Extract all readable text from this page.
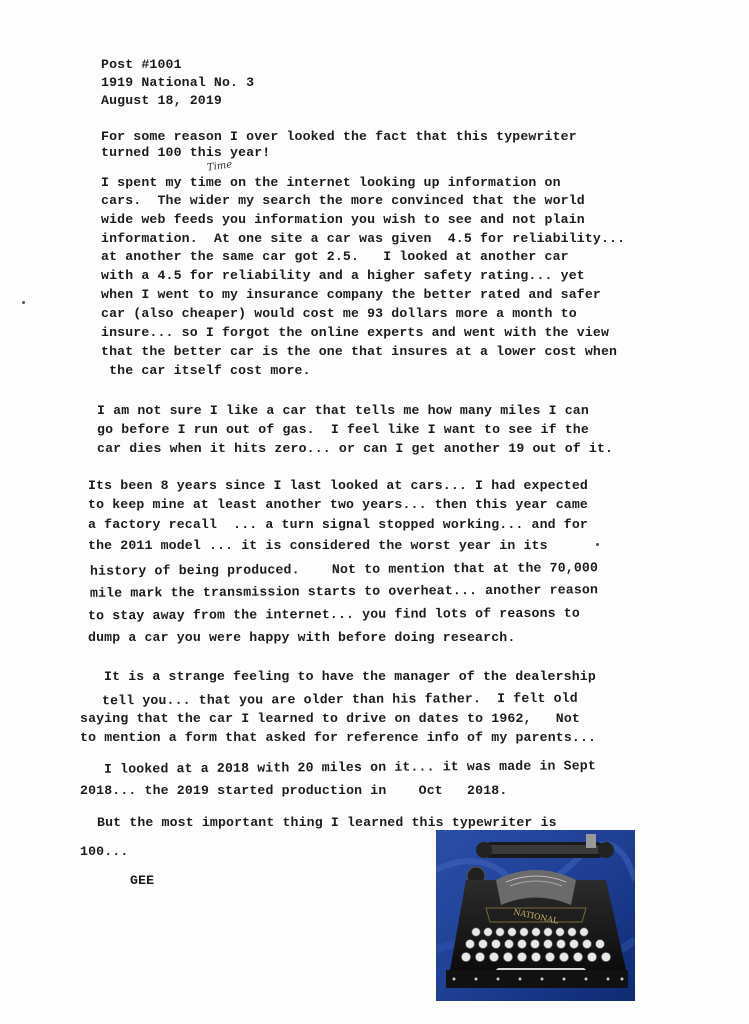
Post #1001
1919 National No. 3
August 18, 2019
For some reason I over looked the fact that this typewriter
turned 100 this year!
Time
I spent my time on the internet looking up information on
cars.  The wider my search the more convinced that the world
wide web feeds you information you wish to see and not plain
information.  At one site a car was given  4.5 for reliability...
at another the same car got 2.5.   I looked at another car
with a 4.5 for reliability and a higher safety rating... yet
when I went to my insurance company the better rated and safer
car (also cheaper) would cost me 93 dollars more a month to
insure... so I forgot the online experts and went with the view
that the better car is the one that insures at a lower cost when
the car itself cost more.
I am not sure I like a car that tells me how many miles I can
go before I run out of gas.  I feel like I want to see if the
car dies when it hits zero... or can I get another 19 out of it.
Its been 8 years since I last looked at cars... I had expected
to keep mine at least another two years... then this year came
a factory recall  ... a turn signal stopped working... and for
the 2011 model ... it is considered the worst year in its
history of being produced.    Not to mention that at the 70,000
mile mark the transmission starts to overheat... another reason
to stay away from the internet... you find lots of reasons to
dump a car you were happy with before doing research.
It is a strange feeling to have the manager of the dealership
tell you... that you are older than his father.  I felt old
saying that the car I learned to drive on dates to 1962,   Not
to mention a form that asked for reference info of my parents...
I looked at a 2018 with 20 miles on it... it was made in Sept
2018... the 2019 started production in    Oct   2018.
But the most important thing I learned this typewriter is
100...
GEE
NATIONAL
